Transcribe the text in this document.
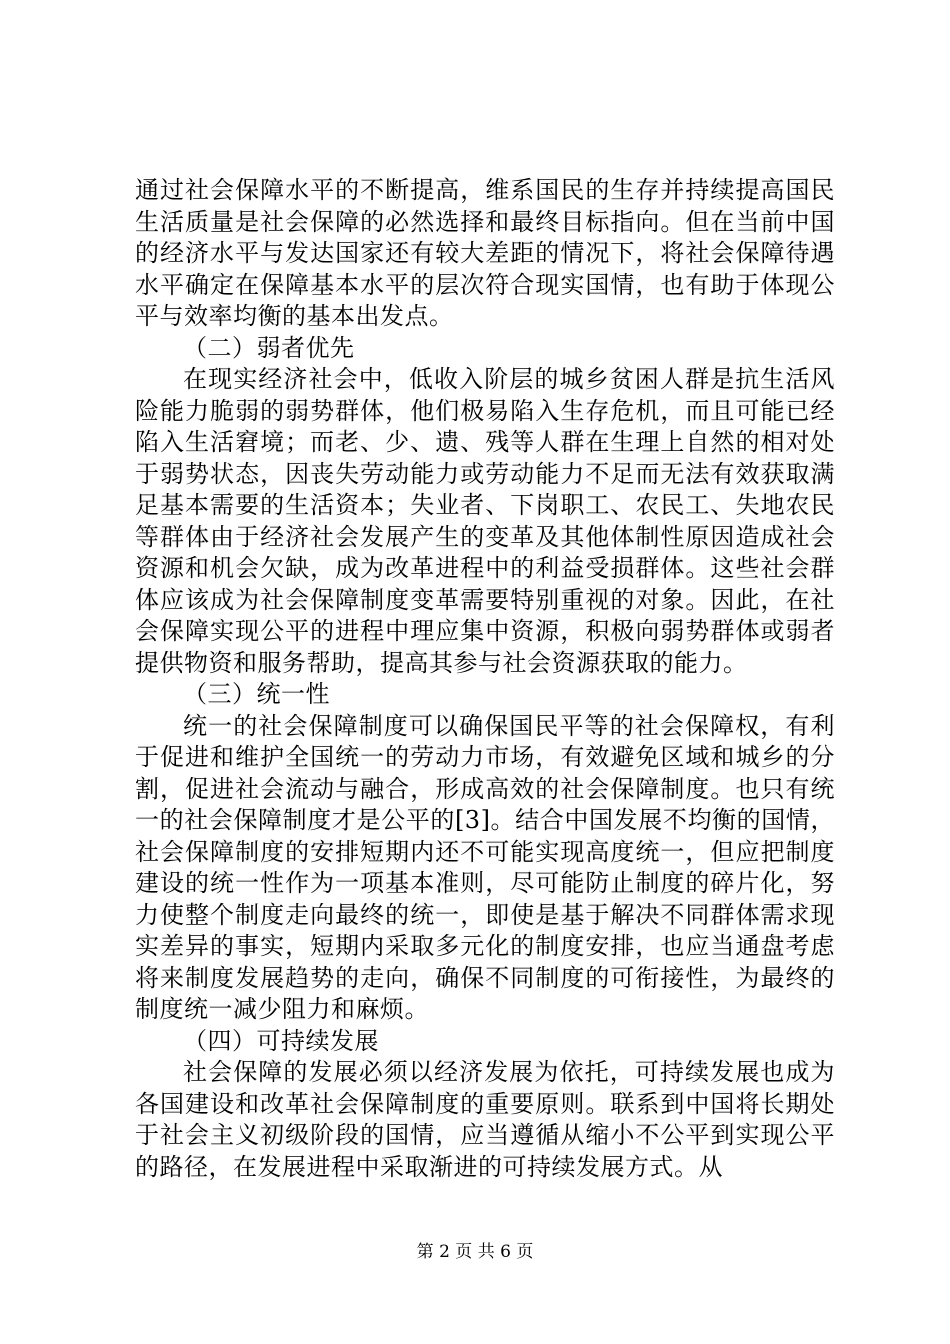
通过社会保障水平的不断提高，维系国民的生存并持续提高国民生活质量是社会保障的必然选择和最终目标指向。但在当前中国的经济水平与发达国家还有较大差距的情况下，将社会保障待遇水平确定在保障基本水平的层次符合现实国情，也有助于体现公平与效率均衡的基本出发点。

（二）弱者优先

在现实经济社会中，低收入阶层的城乡贫困人群是抗生活风险能力脆弱的弱势群体，他们极易陷入生存危机，而且可能已经陷入生活窘境；而老、少、遗、残等人群在生理上自然的相对处于弱势状态，因丧失劳动能力或劳动能力不足而无法有效获取满足基本需要的生活资本；失业者、下岗职工、农民工、失地农民等群体由于经济社会发展产生的变革及其他体制性原因造成社会资源和机会欠缺，成为改革进程中的利益受损群体。这些社会群体应该成为社会保障制度变革需要特别重视的对象。因此，在社会保障实现公平的进程中理应集中资源，积极向弱势群体或弱者提供物资和服务帮助，提高其参与社会资源获取的能力。

（三）统一性

统一的社会保障制度可以确保国民平等的社会保障权，有利于促进和维护全国统一的劳动力市场，有效避免区域和城乡的分割，促进社会流动与融合，形成高效的社会保障制度。也只有统一的社会保障制度才是公平的[3]。结合中国发展不均衡的国情，社会保障制度的安排短期内还不可能实现高度统一，但应把制度建设的统一性作为一项基本准则，尽可能防止制度的碎片化，努力使整个制度走向最终的统一，即使是基于解决不同群体需求现实差异的事实，短期内采取多元化的制度安排，也应当通盘考虑将来制度发展趋势的走向，确保不同制度的可衔接性，为最终的制度统一减少阻力和麻烦。

（四）可持续发展

社会保障的发展必须以经济发展为依托，可持续发展也成为各国建设和改革社会保障制度的重要原则。联系到中国将长期处于社会主义初级阶段的国情，应当遵循从缩小不公平到实现公平的路径，在发展进程中采取渐进的可持续发展方式。从

第 2 页 共 6 页
